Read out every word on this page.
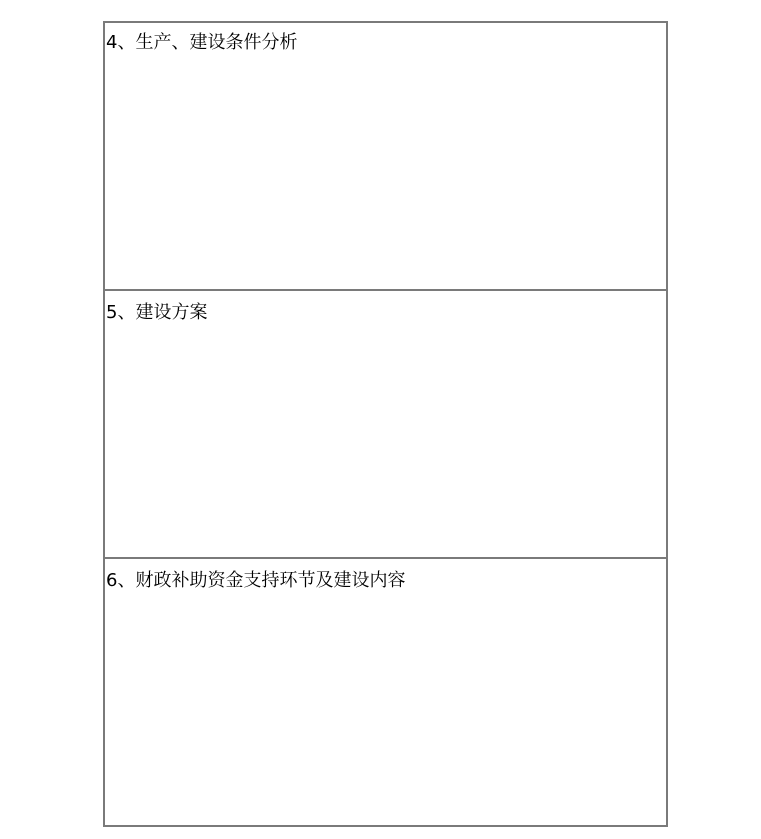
4、生产、建设条件分析
5、建设方案
6、财政补助资金支持环节及建设内容
